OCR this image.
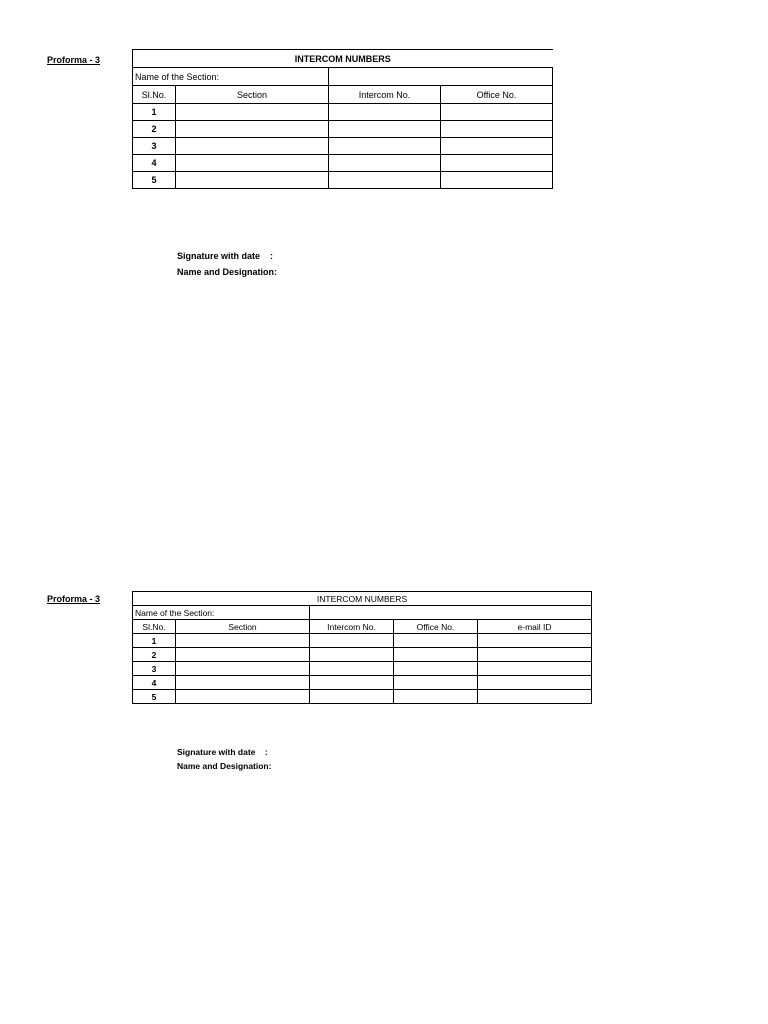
Proforma - 3	INTERCOM NUMBERS			
Name of the Section:			
Sl.No.	Section	Intercom No.	Office No.
1			
2			
3			
4			
5			
Signature with date    :
Name and Designation:
Proforma - 3	INTERCOM NUMBERS				
Name of the Section:				
Sl.No.	Section	Intercom No.	Office No.	e-mail ID
1				
2				
3				
4				
5				
Signature with date    :
Name and Designation:
